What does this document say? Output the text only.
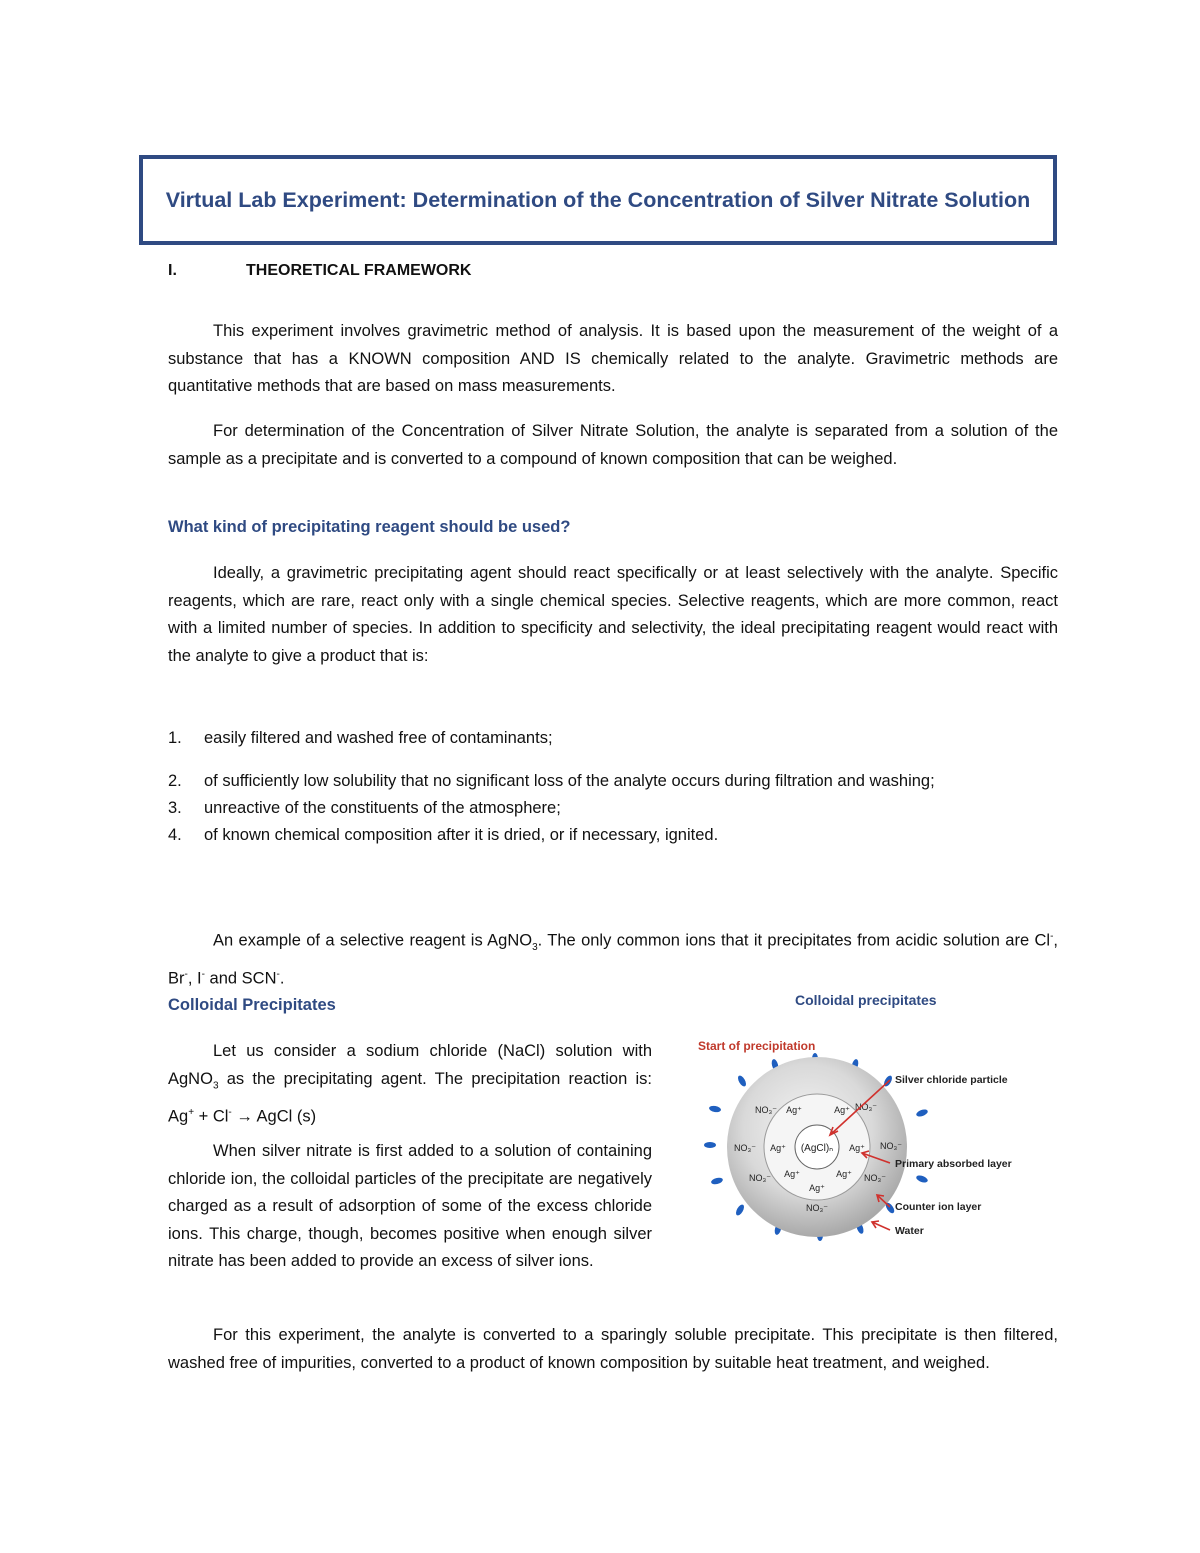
Virtual Lab Experiment: Determination of the Concentration of Silver Nitrate Solution
I.	THEORETICAL FRAMEWORK

This experiment involves gravimetric method of analysis. It is based upon the measurement of the weight of a substance that has a KNOWN composition AND IS chemically related to the analyte. Gravimetric methods are quantitative methods that are based on mass measurements.

For determination of the Concentration of Silver Nitrate Solution, the analyte is separated from a solution of the sample as a precipitate and is converted to a compound of known composition that can be weighed.

What kind of precipitating reagent should be used?

Ideally, a gravimetric precipitating agent should react specifically or at least selectively with the analyte. Specific reagents, which are rare, react only with a single chemical species. Selective reagents, which are more common, react with a limited number of species. In addition to specificity and selectivity, the ideal precipitating reagent would react with the analyte to give a product that is:

1. easily filtered and washed free of contaminants;
2. of sufficiently low solubility that no significant loss of the analyte occurs during filtration and washing;
3. unreactive of the constituents of the atmosphere;
4. of known chemical composition after it is dried, or if necessary, ignited.

An example of a selective reagent is AgNO$_3$. The only common ions that it precipitates from acidic solution are Cl-, Br-, I- and SCN-.

Colloidal Precipitates

Let us consider a sodium chloride (NaCl) solution with AgNO$_3$ as the precipitating agent. The precipitation reaction is: Ag+ + Cl- → AgCl (s)

When silver nitrate is first added to a solution of containing chloride ion, the colloidal particles of the precipitate are negatively charged as a result of adsorption of some of the excess chloride ions. This charge, though, becomes positive when enough silver nitrate has been added to provide an excess of silver ions.

For this experiment, the analyte is converted to a sparingly soluble precipitate. This precipitate is then filtered, washed free of impurities, converted to a product of known composition by suitable heat treatment, and weighed.

Colloidal precipitates
Start of precipitation
(AgCl)ₙ
Ag⁺	Ag⁺
Ag⁺	Ag⁺
Ag⁺	Ag⁺
Ag⁺
NO₃⁻	NO₃⁻
NO₃⁻	NO₃⁻
NO₃⁻	NO₃⁻
NO₃⁻
Silver chloride particle
Primary absorbed layer
Counter ion layer
Water
